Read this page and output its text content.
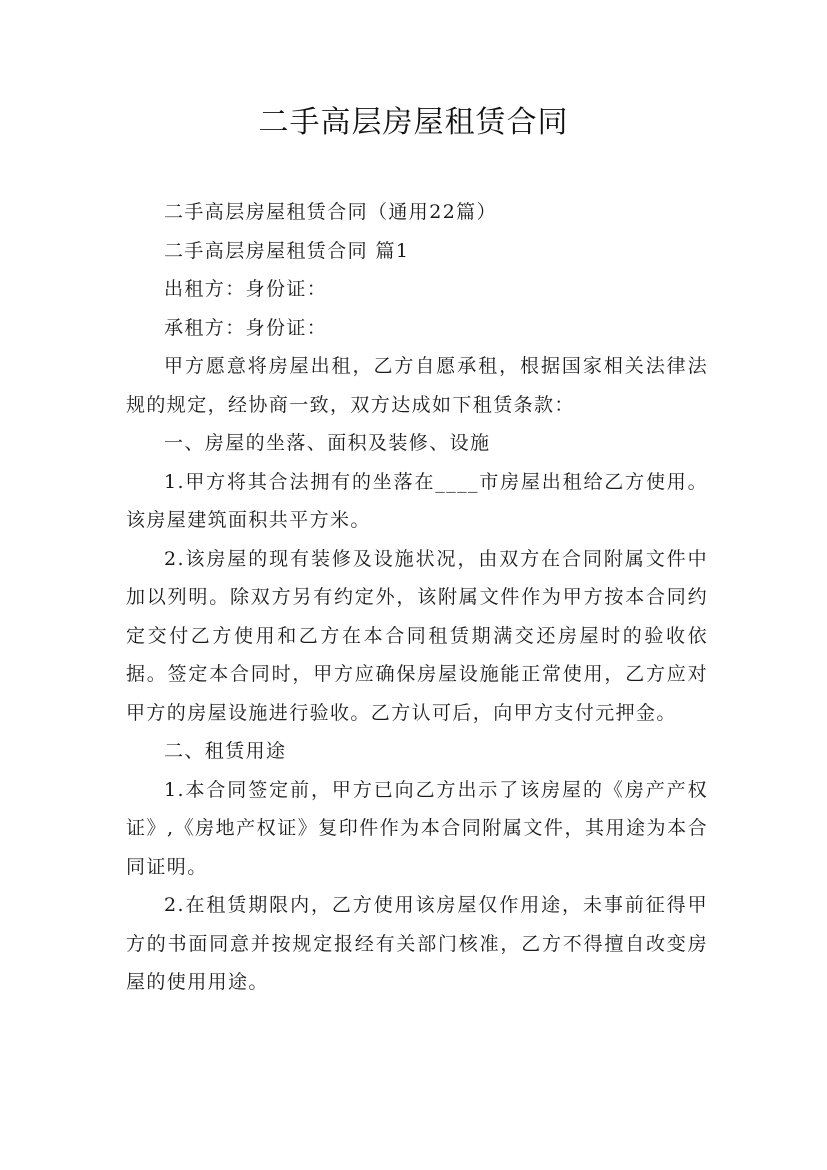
二手高层房屋租赁合同

二手高层房屋租赁合同（通用22篇）

二手高层房屋租赁合同 篇1

出租方：身份证：

承租方：身份证：

甲方愿意将房屋出租，乙方自愿承租，根据国家相关法律法规的规定，经协商一致，双方达成如下租赁条款：

一、房屋的坐落、面积及装修、设施

1.甲方将其合法拥有的坐落在____市房屋出租给乙方使用。该房屋建筑面积共平方米。

2.该房屋的现有装修及设施状况，由双方在合同附属文件中加以列明。除双方另有约定外，该附属文件作为甲方按本合同约定交付乙方使用和乙方在本合同租赁期满交还房屋时的验收依据。签定本合同时，甲方应确保房屋设施能正常使用，乙方应对甲方的房屋设施进行验收。乙方认可后，向甲方支付元押金。

二、租赁用途

1.本合同签定前，甲方已向乙方出示了该房屋的《房产产权证》,《房地产权证》复印件作为本合同附属文件，其用途为本合同证明。

2.在租赁期限内，乙方使用该房屋仅作用途，未事前征得甲方的书面同意并按规定报经有关部门核准，乙方不得擅自改变房屋的使用用途。
